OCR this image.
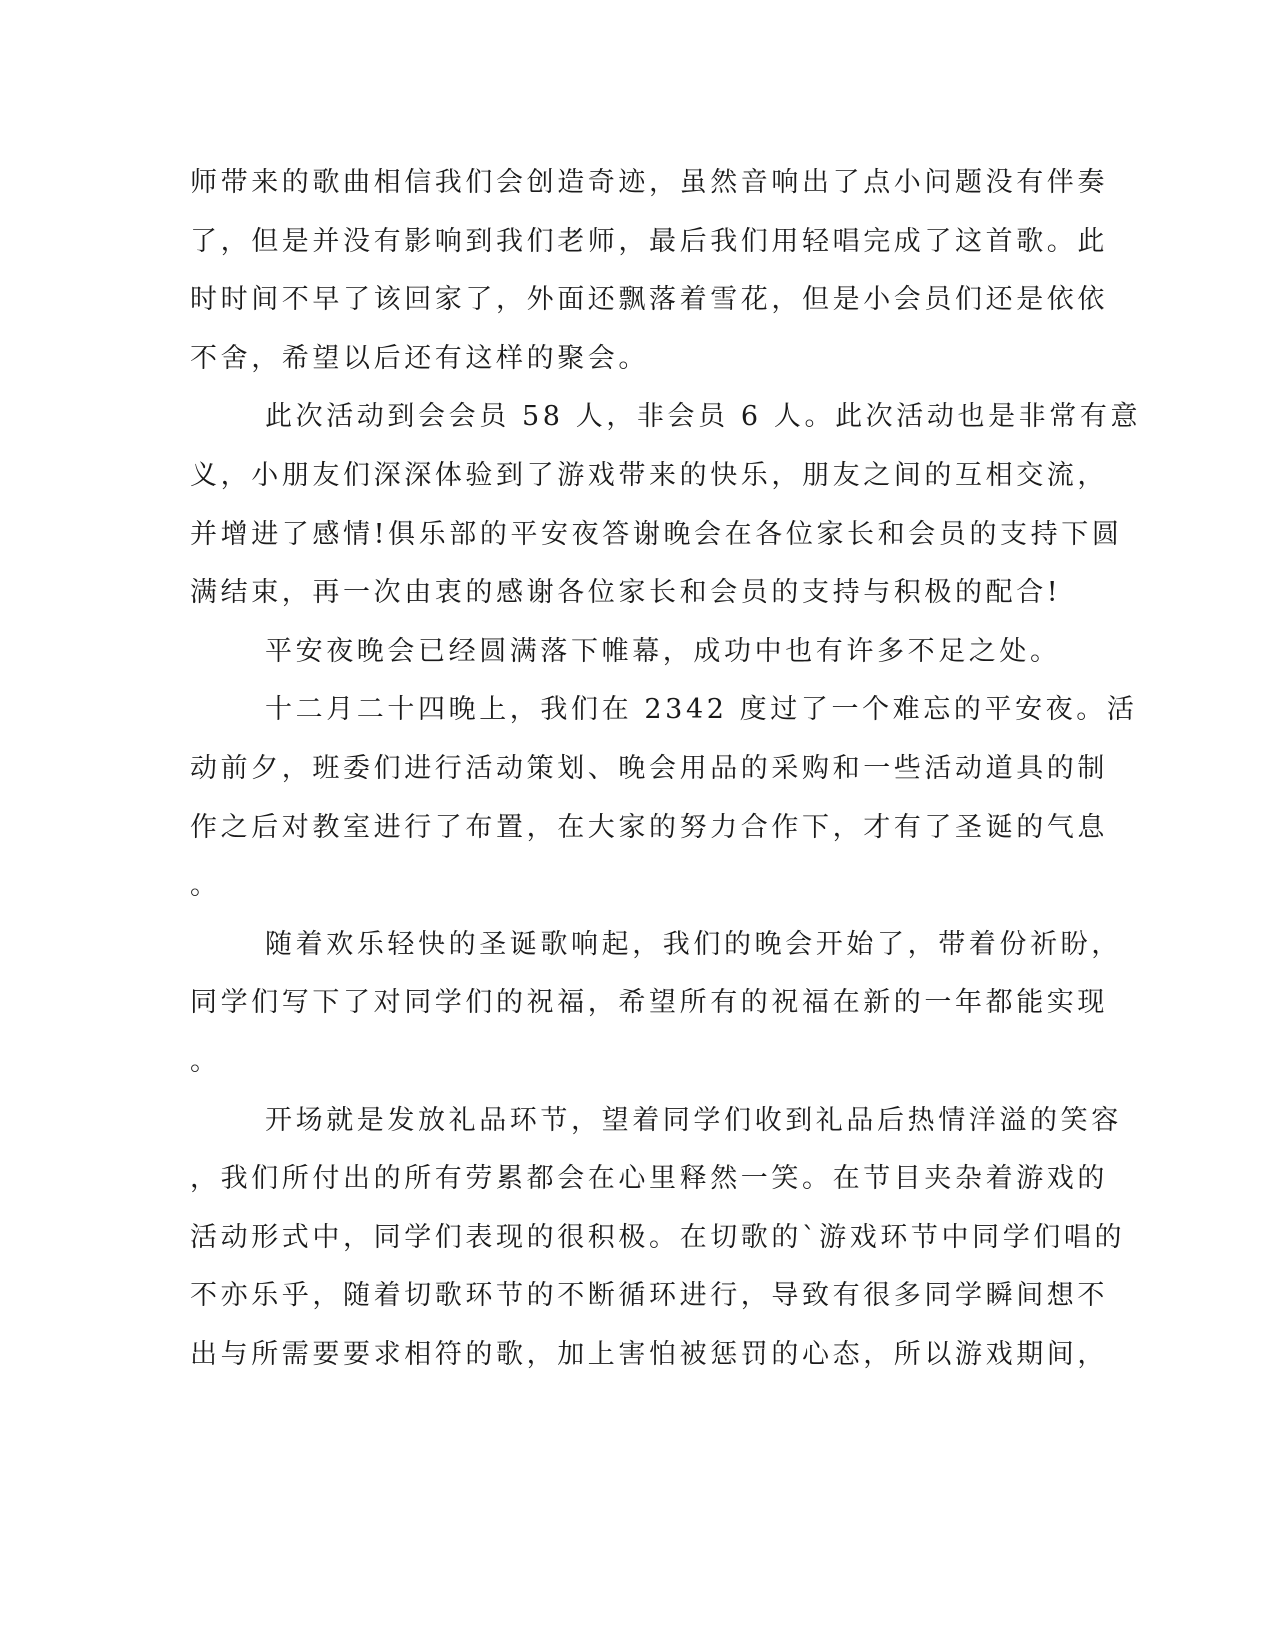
师带来的歌曲相信我们会创造奇迹，虽然音响出了点小问题没有伴奏
了，但是并没有影响到我们老师，最后我们用轻唱完成了这首歌。此
时时间不早了该回家了，外面还飘落着雪花，但是小会员们还是依依
不舍，希望以后还有这样的聚会。
此次活动到会会员 58 人，非会员 6 人。此次活动也是非常有意
义，小朋友们深深体验到了游戏带来的快乐，朋友之间的互相交流，
并增进了感情!俱乐部的平安夜答谢晚会在各位家长和会员的支持下圆
满结束，再一次由衷的感谢各位家长和会员的支持与积极的配合!
平安夜晚会已经圆满落下帷幕，成功中也有许多不足之处。
十二月二十四晚上，我们在 2342 度过了一个难忘的平安夜。活
动前夕，班委们进行活动策划、晚会用品的采购和一些活动道具的制
作之后对教室进行了布置，在大家的努力合作下，才有了圣诞的气息
。
随着欢乐轻快的圣诞歌响起，我们的晚会开始了，带着份祈盼，
同学们写下了对同学们的祝福，希望所有的祝福在新的一年都能实现
。
开场就是发放礼品环节，望着同学们收到礼品后热情洋溢的笑容
，我们所付出的所有劳累都会在心里释然一笑。在节目夹杂着游戏的
活动形式中，同学们表现的很积极。在切歌的`游戏环节中同学们唱的
不亦乐乎，随着切歌环节的不断循环进行，导致有很多同学瞬间想不
出与所需要要求相符的歌，加上害怕被惩罚的心态，所以游戏期间，
